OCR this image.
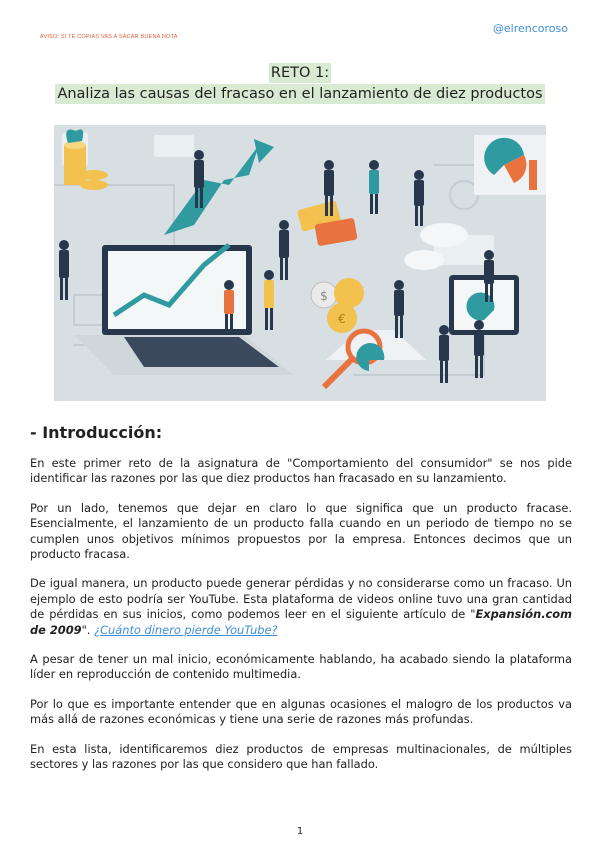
AVISO: SI TE COPIAS VAS A SACAR BUENA NOTA
@elrencoroso
RETO 1:
Analiza las causas del fracaso en el lanzamiento de diez productos
$
€
- Introducción:

En este primer reto de la asignatura de "Comportamiento del consumidor" se nos pide identificar las razones por las que diez productos han fracasado en su lanzamiento.

Por un lado, tenemos que dejar en claro lo que significa que un producto fracase. Esencialmente, el lanzamiento de un producto falla cuando en un periodo de tiempo no se cumplen unos objetivos mínimos propuestos por la empresa. Entonces decimos que un producto fracasa.

De igual manera, un producto puede generar pérdidas y no considerarse como un fracaso. Un ejemplo de esto podría ser YouTube. Esta plataforma de videos online tuvo una gran cantidad de pérdidas en sus inicios, como podemos leer en el siguiente artículo de "Expansión.com de 2009". ¿Cuánto dinero pierde YouTube?

A pesar de tener un mal inicio, económicamente hablando, ha acabado siendo la plataforma líder en reproducción de contenido multimedia.

Por lo que es importante entender que en algunas ocasiones el malogro de los productos va más allá de razones económicas y tiene una serie de razones más profundas.

En esta lista, identificaremos diez productos de empresas multinacionales, de múltiples sectores y las razones por las que considero que han fallado.

1
